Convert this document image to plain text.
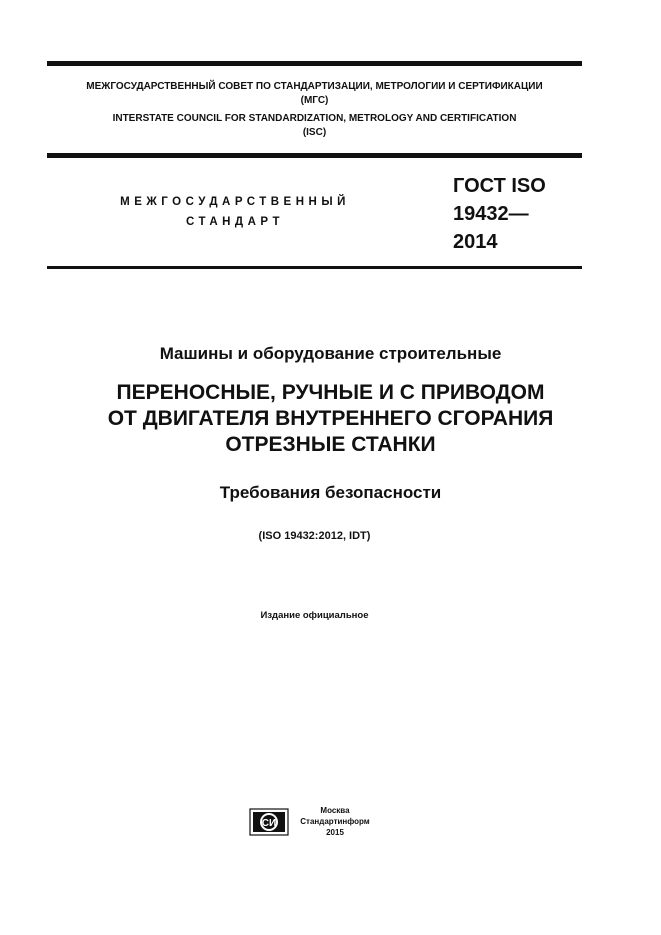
МЕЖГОСУДАРСТВЕННЫЙ СОВЕТ ПО СТАНДАРТИЗАЦИИ, МЕТРОЛОГИИ И СЕРТИФИКАЦИИ
(МГС)
INTERSTATE COUNCIL FOR STANDARDIZATION, METROLOGY AND CERTIFICATION
(ISC)
МЕЖГОСУДАРСТВЕННЫЙ
СТАНДАРТ
ГОСТ ISO
19432—
2014
Машины и оборудование строительные
ПЕРЕНОСНЫЕ, РУЧНЫЕ И С ПРИВОДОМ
ОТ ДВИГАТЕЛЯ ВНУТРЕННЕГО СГОРАНИЯ
ОТРЕЗНЫЕ СТАНКИ
Требования безопасности
(ISO 19432:2012, IDT)
Издание официальное
СИ
Москва
Стандартинформ
2015
